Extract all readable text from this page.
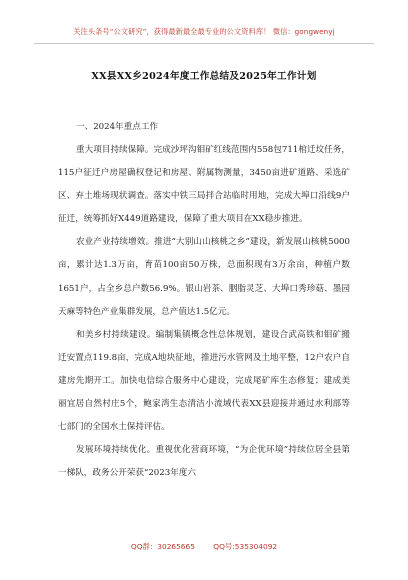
关注头条号“公文研究”，获得最新最全最专业的公文资料库！ 微信：gongwenyj
XX县XX乡2024年度工作总结及2025年工作计划
一、2024年重点工作

重大项目持续保障。完成沙坪沟钼矿红线范围内558包711棺迁坟任务，115户征迁户房屋确权登记和房屋、附属物测量，3450亩进矿道路、采选矿区、弃土堆场现状调查。落实中铁三局拌合站临时用地，完成大埠口沿线9户征迁，统筹抓好X449道路建设，保障了重大项目在XX稳步推进。

农业产业持续增效。推进“大别山山核桃之乡”建设，新发展山核桃5000亩，累计达1.3万亩，育苗100亩50万株，总面积现有3万余亩，种植户数1651户，占全乡总户数56.9%。银山岩茶、胭脂灵芝、大埠口秀珍菇、墨园天麻等特色产业集群发展，总产值达1.5亿元。

和美乡村持续建设。编制集镇概念性总体规划，建设合武高铁和钼矿搬迁安置点119.8亩，完成A地块征地，推进污水管网及土地平整，12户农户自建房先期开工。加快电信综合服务中心建设，完成尾矿库生态修复；建成美丽宜居自然村庄5个，鲍家湾生态清洁小流域代表XX县迎接并通过水利部等七部门的全国水土保持评估。

发展环境持续优化。重视优化营商环境，“为企优环境”持续位居全县第一梯队，政务公开荣获“2023年度六

QQ群：30265665 QQ号:535304092
